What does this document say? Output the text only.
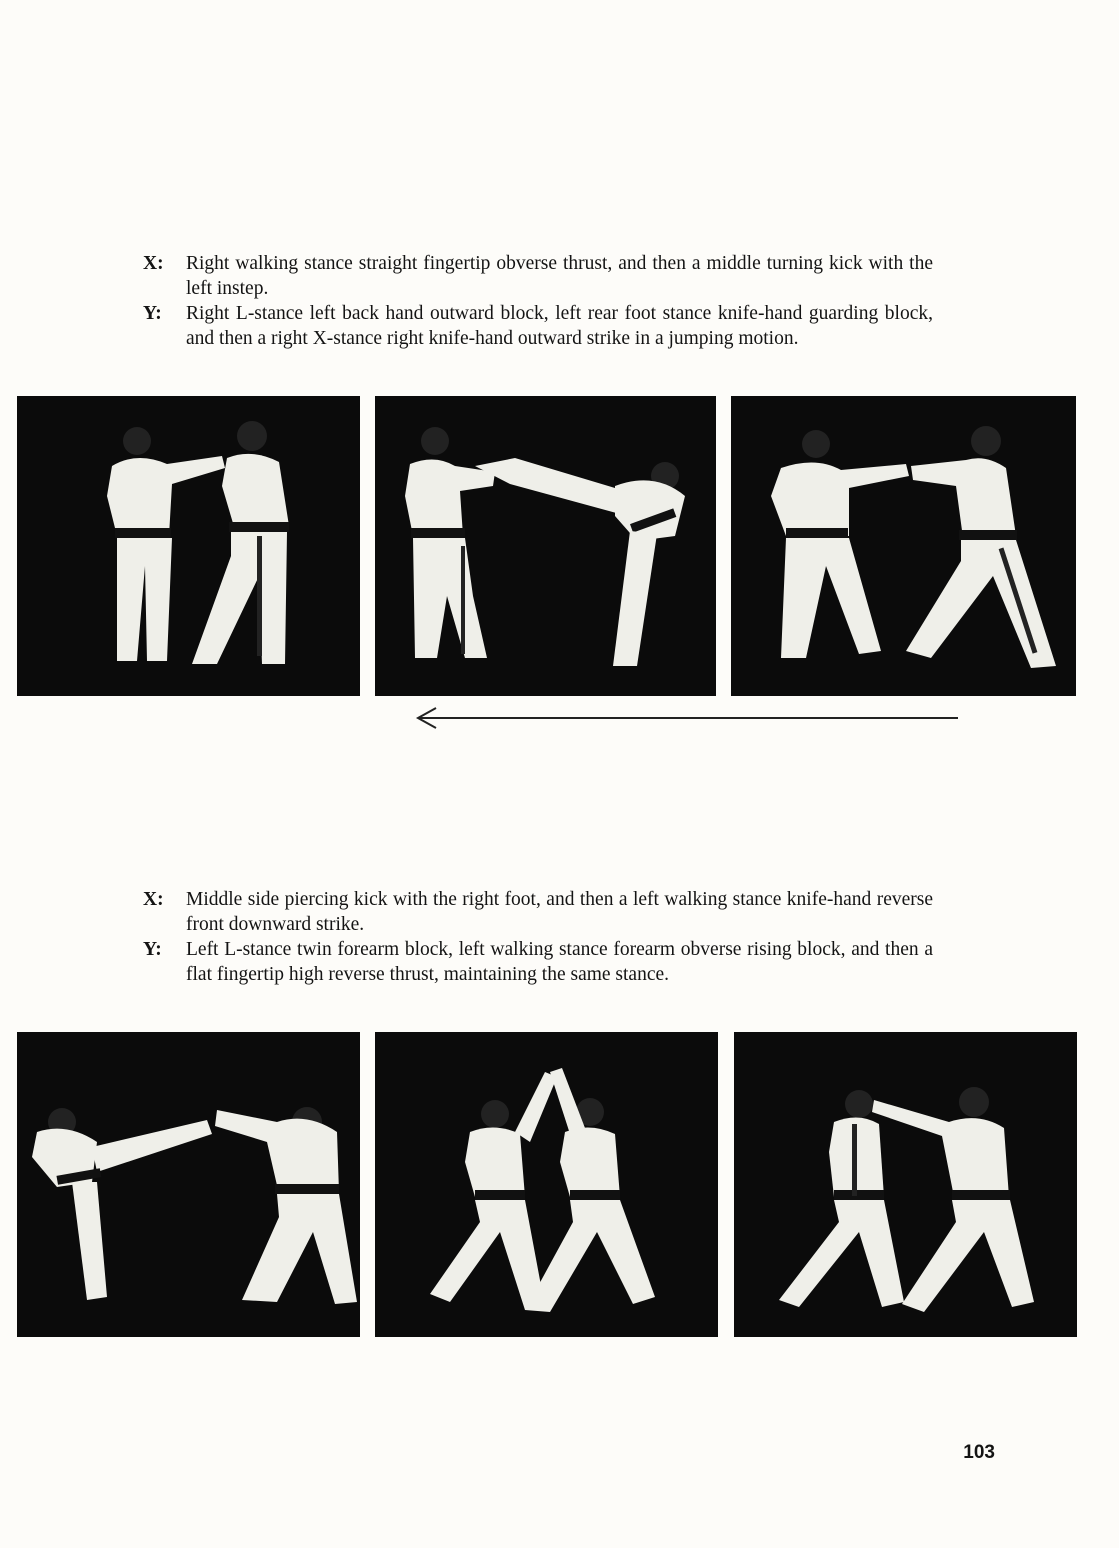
X:	Right walking stance straight fingertip obverse thrust, and then a middle turning kick with the left instep.
Y:	Right L-stance left back hand outward block, left rear foot stance knife-hand guarding block, and then a right X-stance right knife-hand outward strike in a jumping motion.
X:	Middle side piercing kick with the right foot, and then a left walking stance knife-hand reverse front downward strike.
Y:	Left L-stance twin forearm block, left walking stance forearm obverse rising block, and then a flat fingertip high reverse thrust, maintaining the same stance.
103
